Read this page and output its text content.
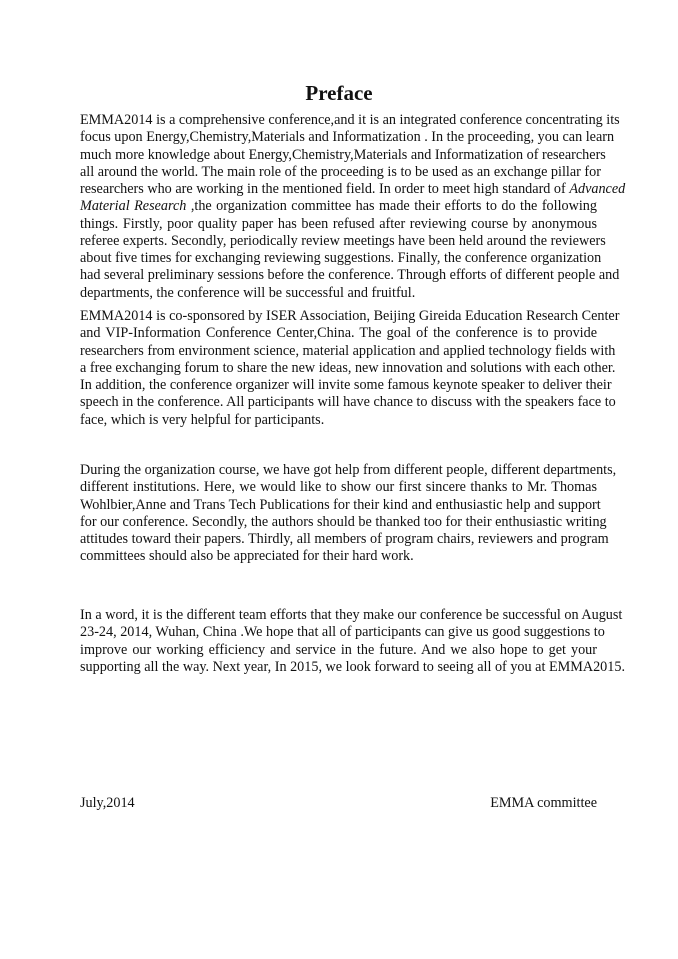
Preface
EMMA2014 is a comprehensive conference,and it is an integrated conference concentrating its
focus upon Energy,Chemistry,Materials and Informatization . In the proceeding, you can learn
much more knowledge about Energy,Chemistry,Materials and Informatization of researchers
all around the world. The main role of the proceeding is to be used as an exchange pillar for
researchers who are working in the mentioned field. In order to meet high standard of Advanced
Material Research ,the organization committee has made their efforts to do the following
things. Firstly, poor quality paper has been refused after reviewing course by anonymous
referee experts. Secondly, periodically review meetings have been held around the reviewers
about five times for exchanging reviewing suggestions. Finally, the conference organization
had several preliminary sessions before the conference. Through efforts of different people and
departments, the conference will be successful and fruitful.
EMMA2014 is co-sponsored by ISER Association, Beijing Gireida Education Research Center
and VIP-Information Conference Center,China. The goal of the conference is to provide
researchers from environment science, material application and applied technology fields with
a free exchanging forum to share the new ideas, new innovation and solutions with each other.
In addition, the conference organizer will invite some famous keynote speaker to deliver their
speech in the conference. All participants will have chance to discuss with the speakers face to
face, which is very helpful for participants.
During the organization course, we have got help from different people, different departments,
different institutions. Here, we would like to show our first sincere thanks to Mr. Thomas
Wohlbier,Anne and Trans Tech Publications for their kind and enthusiastic help and support
for our conference. Secondly, the authors should be thanked too for their enthusiastic writing
attitudes toward their papers. Thirdly, all members of program chairs, reviewers and program
committees should also be appreciated for their hard work.
In a word, it is the different team efforts that they make our conference be successful on August
23-24, 2014, Wuhan, China .We hope that all of participants can give us good suggestions to
improve our working efficiency and service in the future. And we also hope to get your
supporting all the way. Next year, In 2015, we look forward to seeing all of you at EMMA2015.
July,2014	EMMA committee
